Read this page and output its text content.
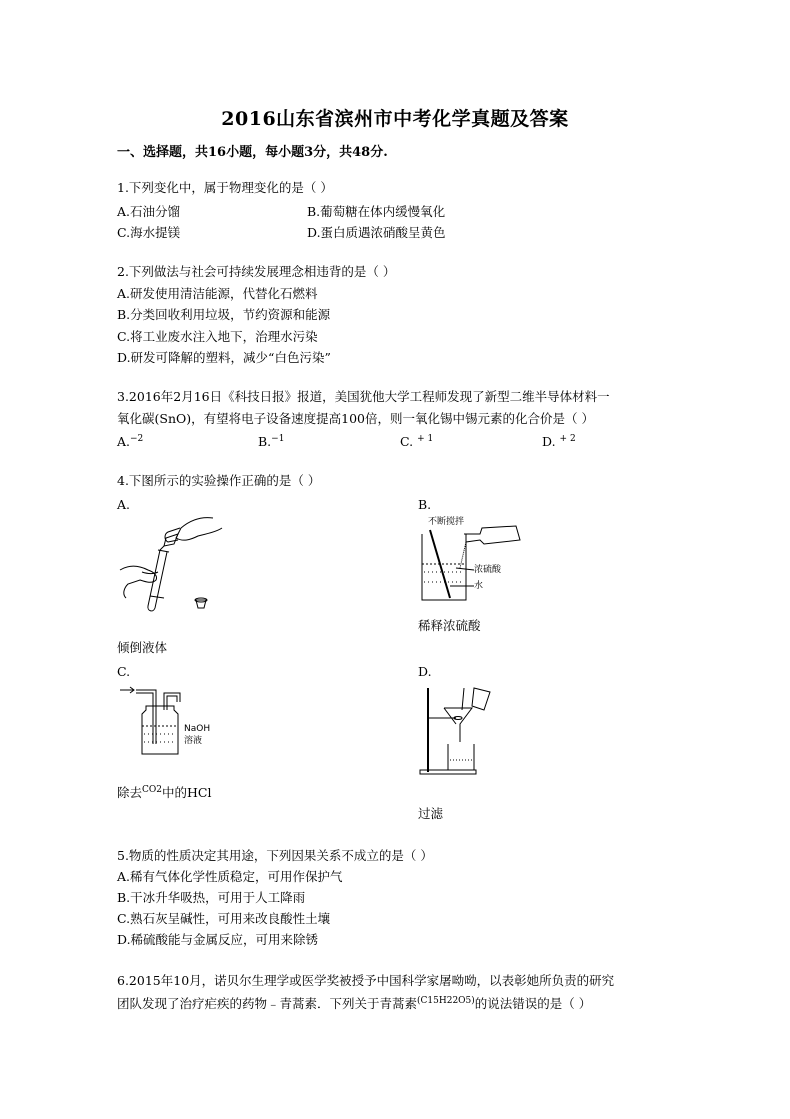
2016山东省滨州市中考化学真题及答案
一、选择题，共16小题，每小题3分，共48分.
1.下列变化中，属于物理变化的是（ ）
A.石油分馏	B.葡萄糖在体内缓慢氧化
C.海水提镁	D.蛋白质遇浓硝酸呈黄色
2.下列做法与社会可持续发展理念相违背的是（ ）
A.研发使用清洁能源，代替化石燃料
B.分类回收利用垃圾，节约资源和能源
C.将工业废水注入地下，治理水污染
D.研发可降解的塑料，减少“白色污染”
3.2016年2月16日《科技日报》报道，美国犹他大学工程师发现了新型二维半导体材料一
氧化碳(SnO)，有望将电子设备速度提高100倍，则一氧化锡中锡元素的化合价是（ ）
A.$^{-2}$	B.$^{-1}$	C. $^{+ 1}$	D. $^{+ 2}$
4.下图所示的实验操作正确的是（ ）
A.	B.
不断搅拌
浓硫酸
水
稀释浓硫酸
倾倒液体
C.	D.
NaOH
溶液
除去$^{CO2}$中的HCl
过滤
5.物质的性质决定其用途，下列因果关系不成立的是（ ）
A.稀有气体化学性质稳定，可用作保护气
B.干冰升华吸热，可用于人工降雨
C.熟石灰呈碱性，可用来改良酸性土壤
D.稀硫酸能与金属反应，可用来除锈
6.2015年10月，诺贝尔生理学或医学奖被授予中国科学家屠呦呦，以表彰她所负责的研究
团队发现了治疗疟疾的药物﹣青蒿素．下列关于青蒿素$^{(C15H22O5)}$的说法错误的是（ ）
